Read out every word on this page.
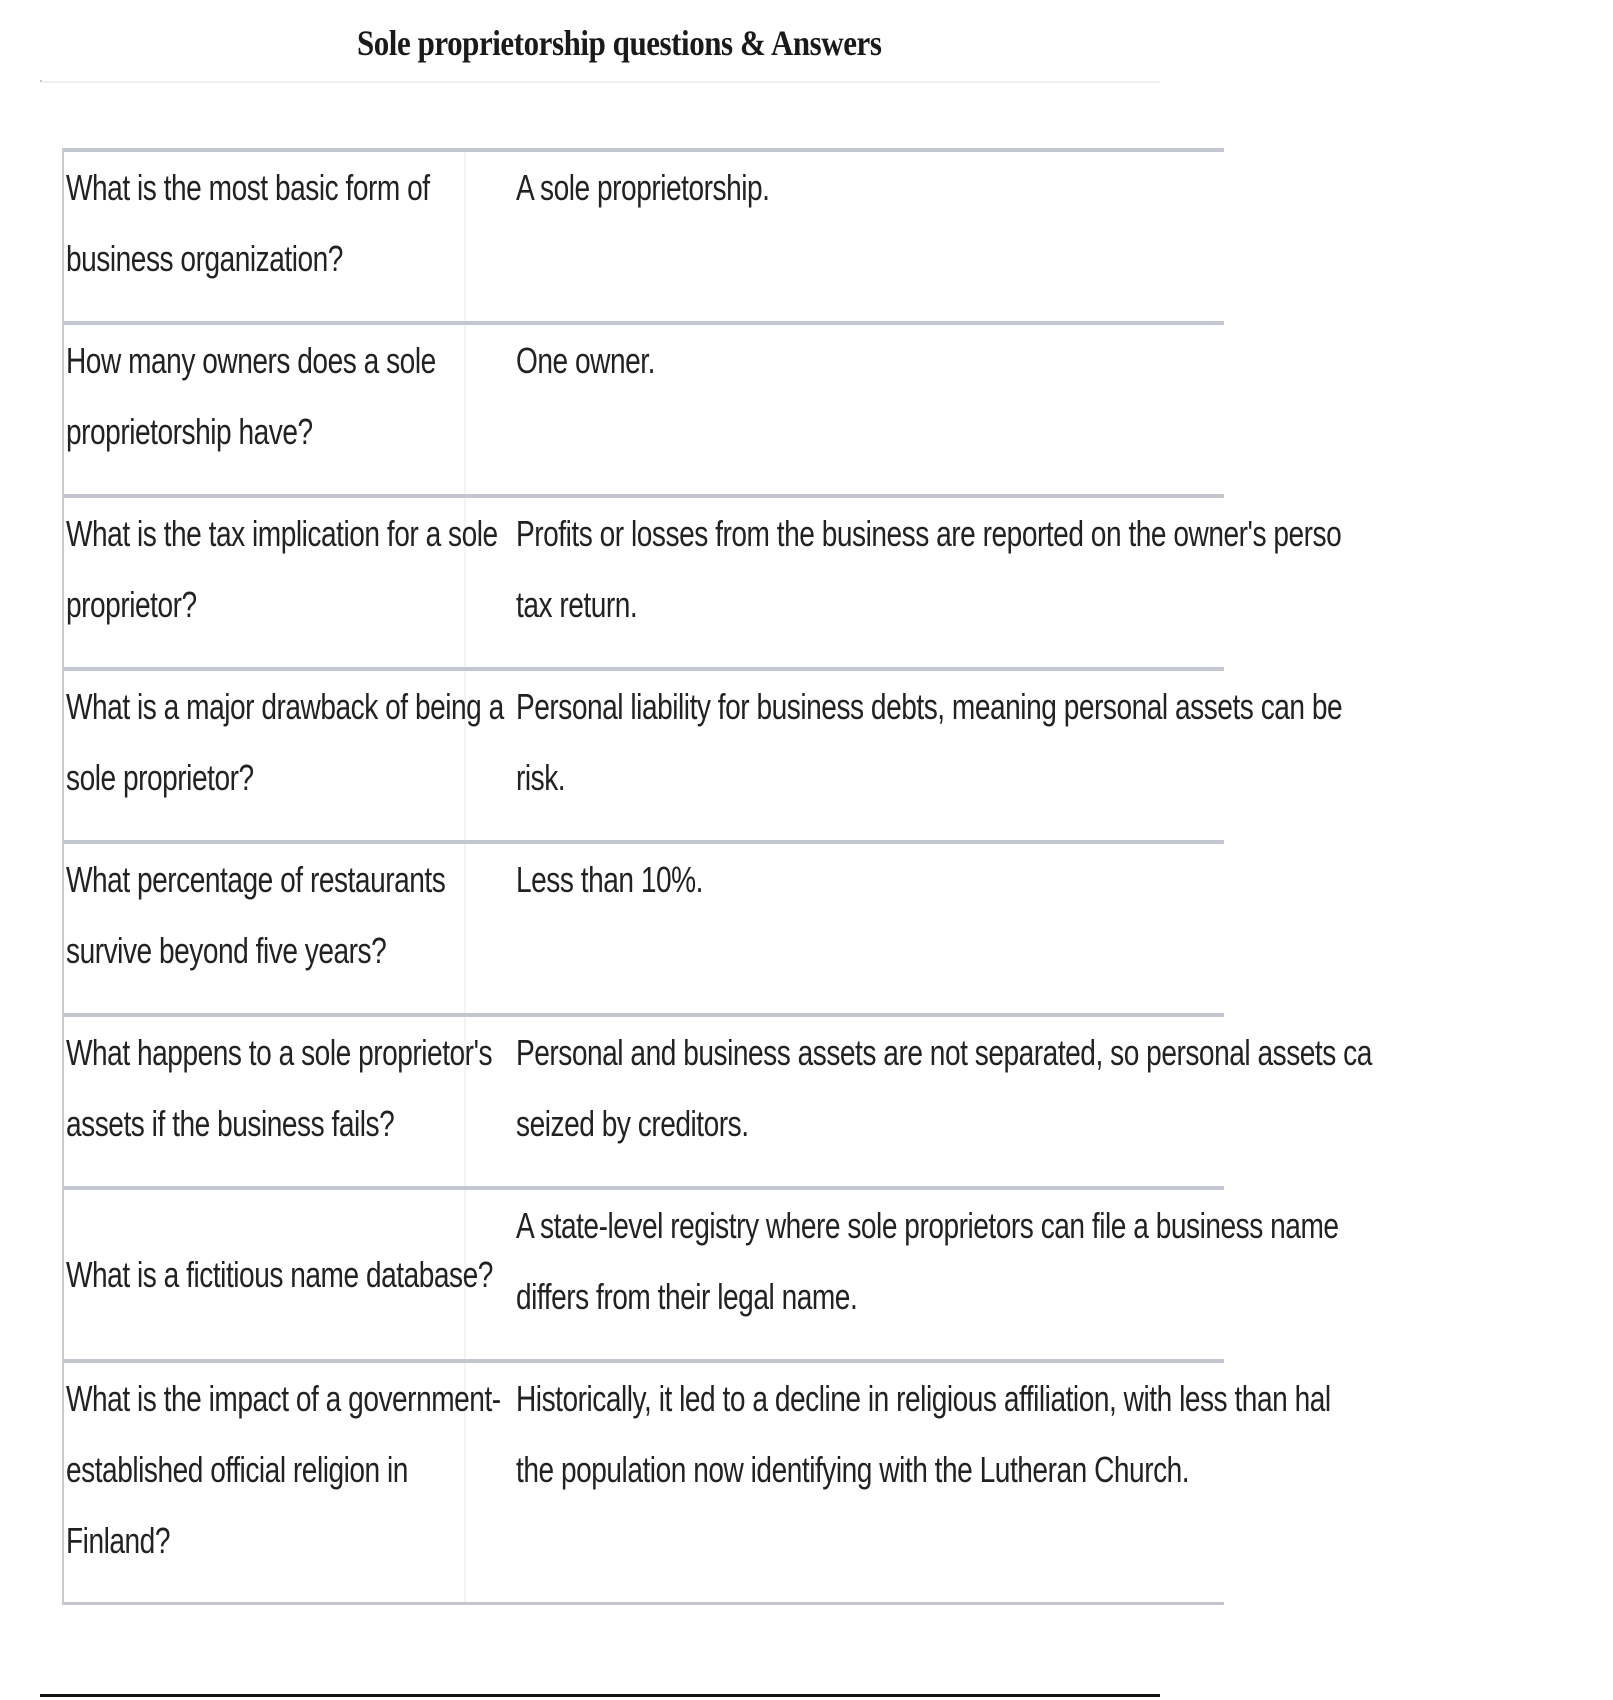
Sole proprietorship questions & Answers
What is the most basic form of
business organization?
A sole proprietorship.
How many owners does a sole
proprietorship have?
One owner.
What is the tax implication for a sole
proprietor?
Profits or losses from the business are reported on the owner's perso
tax return.
What is a major drawback of being a
sole proprietor?
Personal liability for business debts, meaning personal assets can be
risk.
What percentage of restaurants
survive beyond five years?
Less than 10%.
What happens to a sole proprietor's
assets if the business fails?
Personal and business assets are not separated, so personal assets ca
seized by creditors.
What is a fictitious name database?
A state-level registry where sole proprietors can file a business name
differs from their legal name.
What is the impact of a government-
established official religion in
Finland?
Historically, it led to a decline in religious affiliation, with less than hal
the population now identifying with the Lutheran Church.
